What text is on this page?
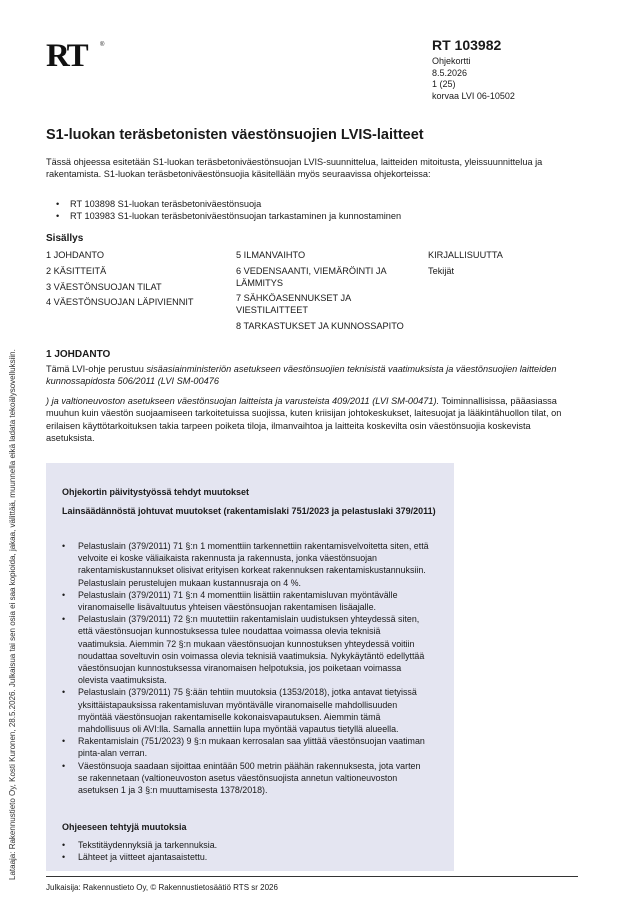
Lataaja: Rakennustieto Oy, Kosti Kuronen, 28.5.2026. Julkaisua tai sen osia ei saa kopioida, jakaa, välittää, muunnella eikä ladata tekoälysovelluksiin.
RT ®	RT 103982
Ohjekortti
8.5.2026
1 (25)
korvaa LVI 06-10502
S1-luokan teräsbetonisten väestönsuojien LVIS-laitteet

Tässä ohjeessa esitetään S1-luokan teräsbetoniväestönsuojan LVIS-suunnittelua, laitteiden mitoitusta, yleissuunnittelua ja rakentamista. S1-luokan teräsbetoniväestönsuojia käsitellään myös seuraavissa ohjekorteissa:

• RT 103898 S1-luokan teräsbetoniväestönsuoja
• RT 103983 S1-luokan teräsbetoniväestönsuojan tarkastaminen ja kunnostaminen
Sisällys
1 JOHDANTO
2 KÄSITTEITÄ
3 VÄESTÖNSUOJAN TILAT
4 VÄESTÖNSUOJAN LÄPIVIENNIT
5 ILMANVAIHTO
6 VEDENSAANTI, VIEMÄRÖINTI JA LÄMMITYS
7 SÄHKÖASENNUKSET JA VIESTILAITTEET
8 TARKASTUKSET JA KUNNOSSAPITO
KIRJALLISUUTTA
Tekijät
1 JOHDANTO

Tämä LVI-ohje perustuu sisäasiainministeriön asetukseen väestönsuojien teknisistä vaatimuksista ja väestönsuojien laitteiden kunnossapidosta 506/2011 (LVI SM-00476

) ja valtioneuvoston asetukseen väestönsuojan laitteista ja varusteista 409/2011 (LVI SM-00471). Toiminnallisissa, pääasiassa muuhun kuin väestön suojaamiseen tarkoitetuissa suojissa, kuten kriisijan johtokeskukset, laitesuojat ja lääkintähuollon tilat, on erilaisen käyttötarkoituksen takia tarpeen poiketa tiloja, ilmanvaihtoa ja laitteita koskevilta osin väestönsuojia koskevista asetuksista.

Ohjekortin päivitystyössä tehdyt muutokset
Lainsäädännöstä johtuvat muutokset (rakentamislaki 751/2023 ja pelastuslaki 379/2011)
• Pelastuslain (379/2011) 71 §:n 1 momenttiin tarkennettiin rakentamisvelvoitetta siten, että velvoite ei koske väliaikaista rakennusta ja rakennusta, jonka väestönsuojan rakentamiskustannukset olisivat erityisen korkeat rakennuksen rakentamiskustannuksiin. Pelastuslain perustelujen mukaan kustannusraja on 4 %.
• Pelastuslain (379/2011) 71 §:n 4 momenttiin lisättiin rakentamisluvan myöntävälle viranomaiselle lisävaltuutus yhteisen väestönsuojan rakentamisen lisäajalle.
• Pelastuslain (379/2011) 72 §:n muutettiin rakentamislain uudistuksen yhteydessä siten, että väestönsuojan kunnostuksessa tulee noudattaa voimassa olevia teknisiä vaatimuksia. Aiemmin 72 §:n mukaan väestönsuojan kunnostuksen yhteydessä voitiin noudattaa soveltuvin osin voimassa olevia teknisiä vaatimuksia. Nykykäytäntö edellyttää väestönsuojan kunnostuksessa viranomaisen helpotuksia, jos poiketaan voimassa olevista vaatimuksista.
• Pelastuslain (379/2011) 75 §:ään tehtiin muutoksia (1353/2018), jotka antavat tietyissä yksittäistapauksissa rakentamisluvan myöntävälle viranomaiselle mahdollisuuden myöntää väestönsuojan rakentamiselle kokonaisvapautuksen. Aiemmin tämä mahdollisuus oli AVI:lla. Samalla annettiin lupa myöntää vapautus tietyllä alueella.
• Rakentamislain (751/2023) 9 §:n mukaan kerrosalan saa ylittää väestönsuojan vaatiman pinta-alan verran.
• Väestönsuoja saadaan sijoittaa enintään 500 metrin päähän rakennuksesta, jota varten se rakennetaan (valtioneuvoston asetus väestönsuojista annetun valtioneuvoston asetuksen 1 ja 3 §:n muuttamisesta 1378/2018).
Ohjeeseen tehtyjä muutoksia
• Tekstitäydennyksiä ja tarkennuksia.
• Lähteet ja viitteet ajantasaistettu.
Julkaisija: Rakennustieto Oy, © Rakennustietosäätiö RTS sr 2026
